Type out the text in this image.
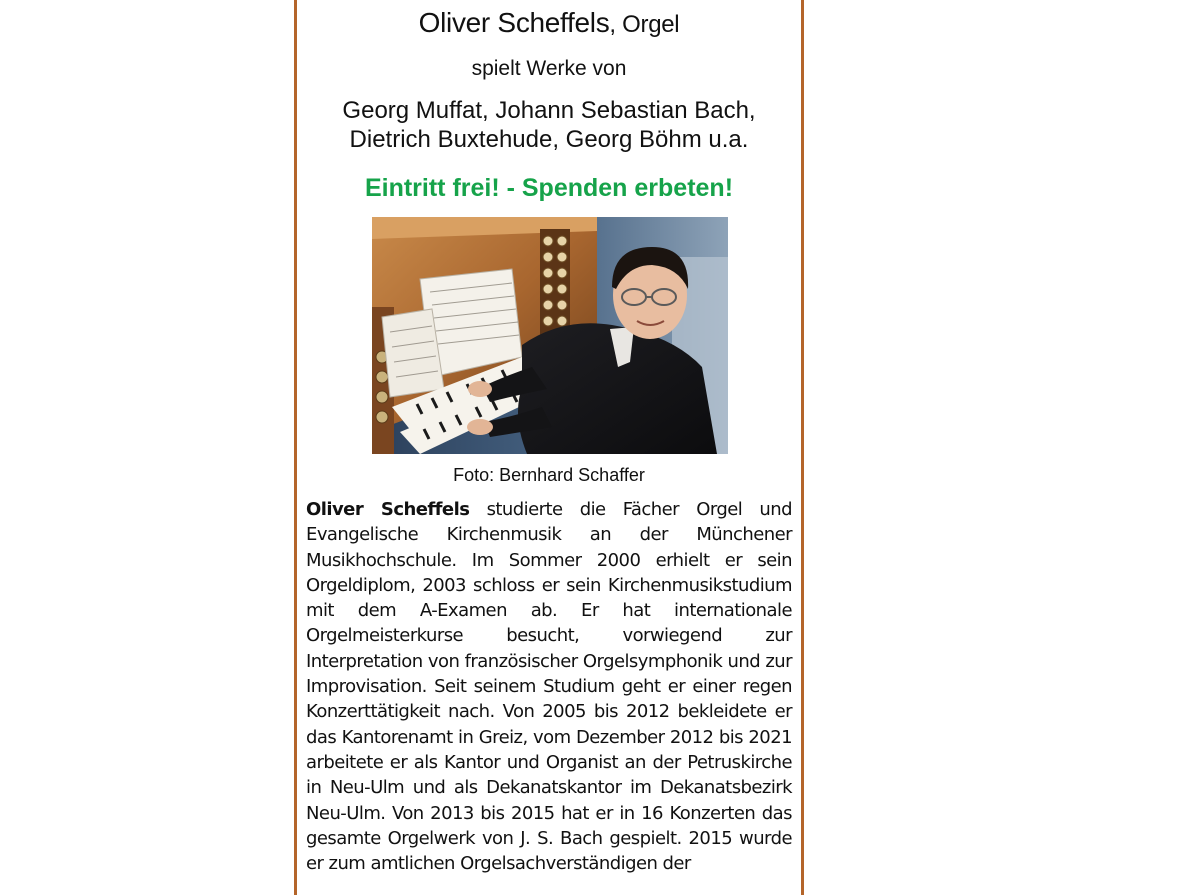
Oliver Scheffels, Orgel
spielt Werke von
Georg Muffat, Johann Sebastian Bach,
Dietrich Buxtehude, Georg Böhm u.a.
Eintritt frei! - Spenden erbeten!
Foto: Bernhard Schaffer
Oliver Scheffels studierte die Fächer Orgel und Evangelische Kirchenmusik an der Münchener Musikhochschule. Im Sommer 2000 erhielt er sein Orgeldiplom, 2003 schloss er sein Kirchenmusikstudium mit dem A-Examen ab. Er hat internationale Orgelmeisterkurse besucht, vorwiegend zur Interpretation von französischer Orgelsymphonik und zur Improvisation. Seit seinem Studium geht er einer regen Konzerttätigkeit nach. Von 2005 bis 2012 bekleidete er das Kantorenamt in Greiz, vom Dezember 2012 bis 2021 arbeitete er als Kantor und Organist an der Petruskirche in Neu-Ulm und als Dekanatskantor im Dekanatsbezirk Neu-Ulm. Von 2013 bis 2015 hat er in 16 Konzerten das gesamte Orgelwerk von J. S. Bach gespielt. 2015 wurde er zum amtlichen Orgelsachverständigen der
